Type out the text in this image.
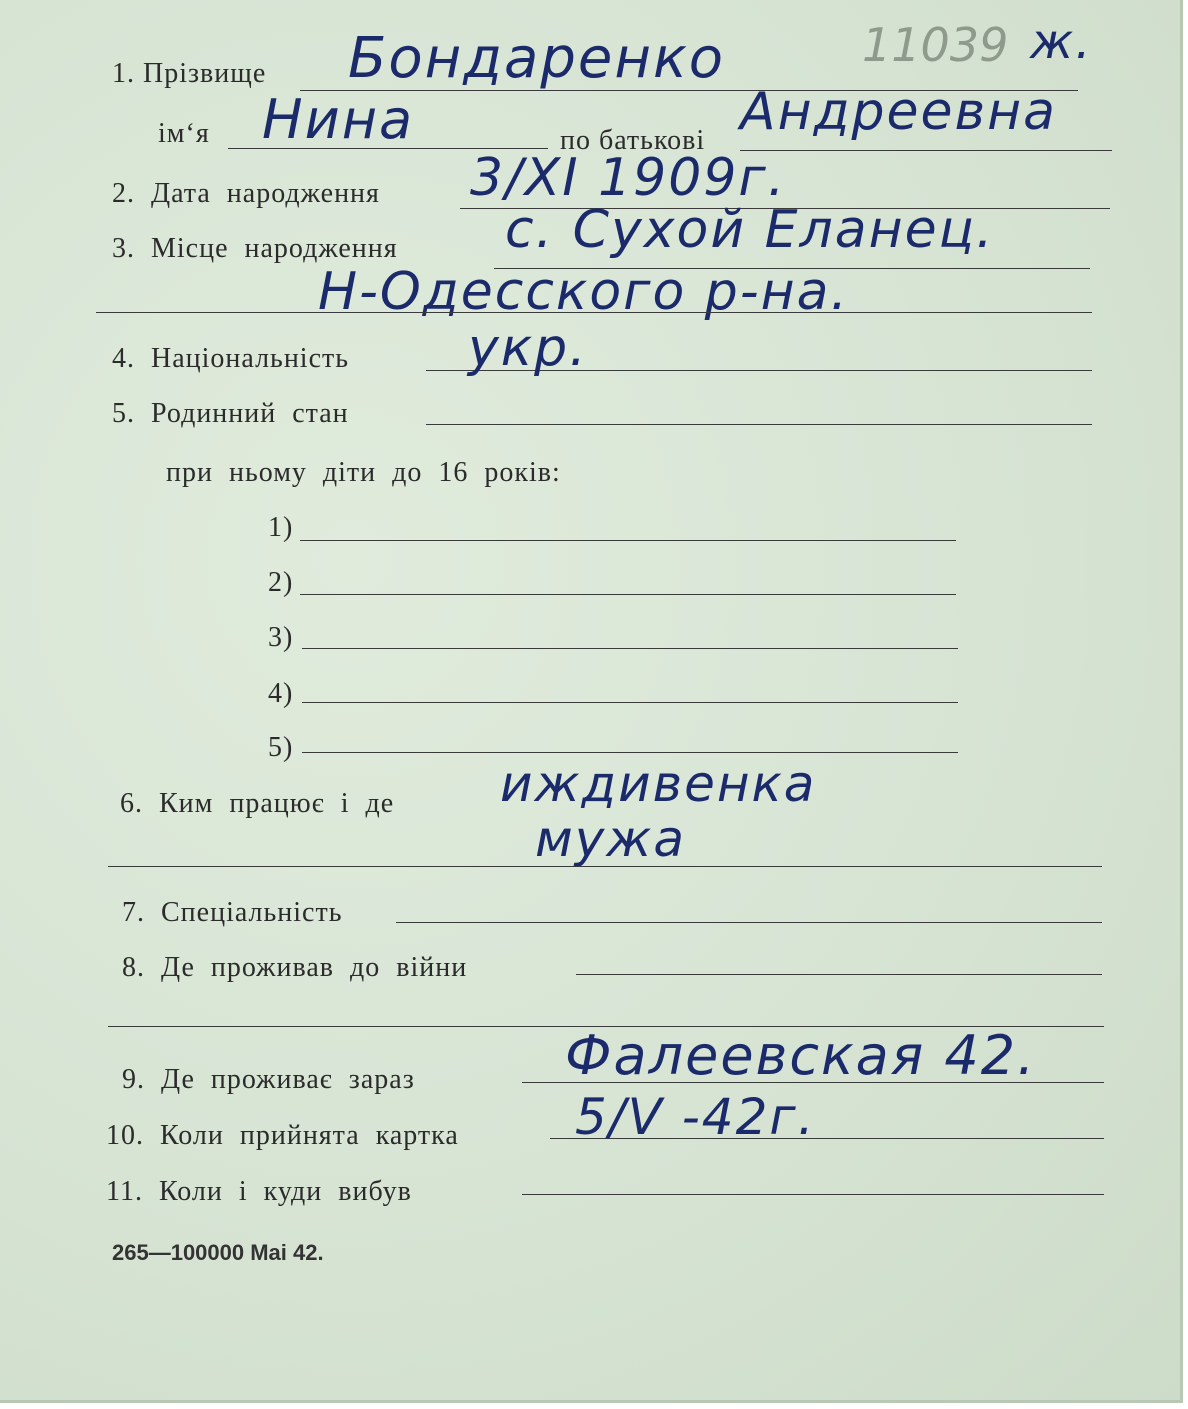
11039 ж.
1. Прізвище Бондаренко
ім‘я Нина	по батькові Андреевна
2. Дата народження 3/XI 1909г.
3. Місце народження с. Сухой Еланец.
Н-Одесского р-на.
4. Національність укр.
5. Родинний стан
при ньому діти до 16 років:
1)
2)
3)
4)
5)
6. Ким працює і де иждивенка
мужа
7. Спеціальність
8. Де проживав до війни
9. Де проживає зараз	Фалеевская 42.
10. Коли прийнята картка 5/V -42г.
11. Коли і куди вибув
265—100000 Mai 42.
